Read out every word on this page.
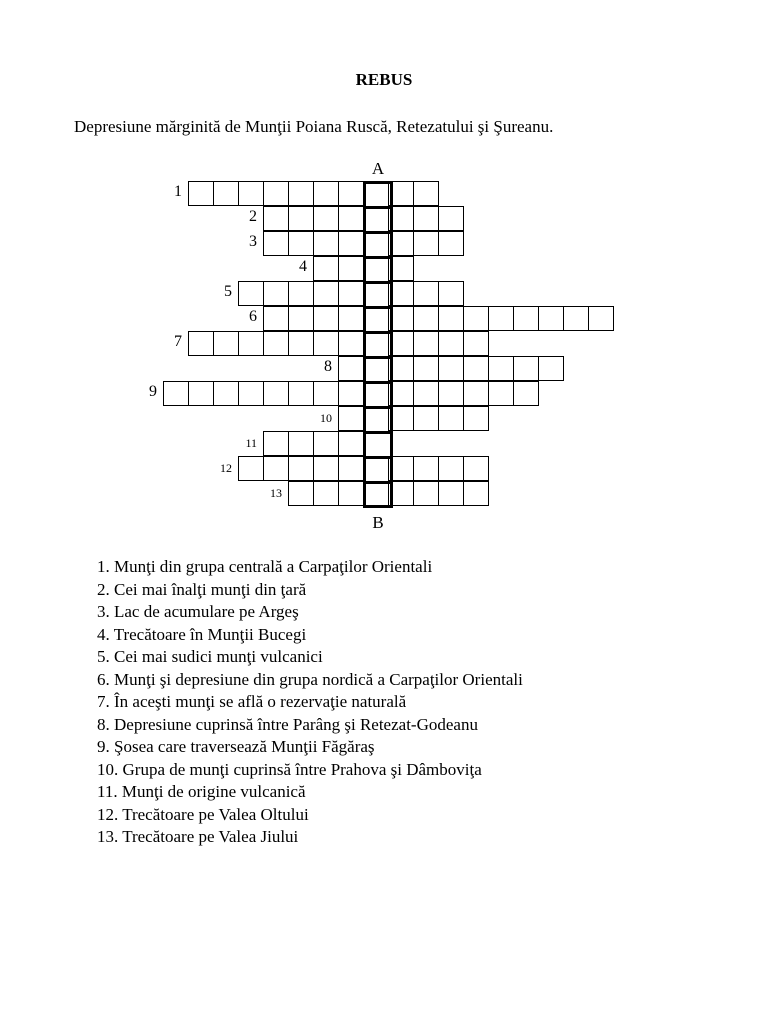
REBUS
Depresiune mărginită de Munţii Poiana Ruscă, Retezatului şi Şureanu.
A
B
1
2
3
4
5
6
7
8
9
10
11
12
13
1. Munţi din grupa centrală a Carpaţilor Orientali
2. Cei mai înalţi munţi din ţară
3. Lac de acumulare pe Argeş
4. Trecătoare în Munţii Bucegi
5. Cei mai sudici munţi vulcanici
6. Munţi şi depresiune din grupa nordică a Carpaţilor Orientali
7. În aceşti munţi se află o rezervaţie naturală
8. Depresiune cuprinsă între Parâng şi Retezat-Godeanu
9. Şosea care traversează Munţii Făgăraş
10. Grupa de munţi cuprinsă între Prahova şi Dâmboviţa
11. Munţi de origine vulcanică
12. Trecătoare pe Valea Oltului
13. Trecătoare pe Valea Jiului
